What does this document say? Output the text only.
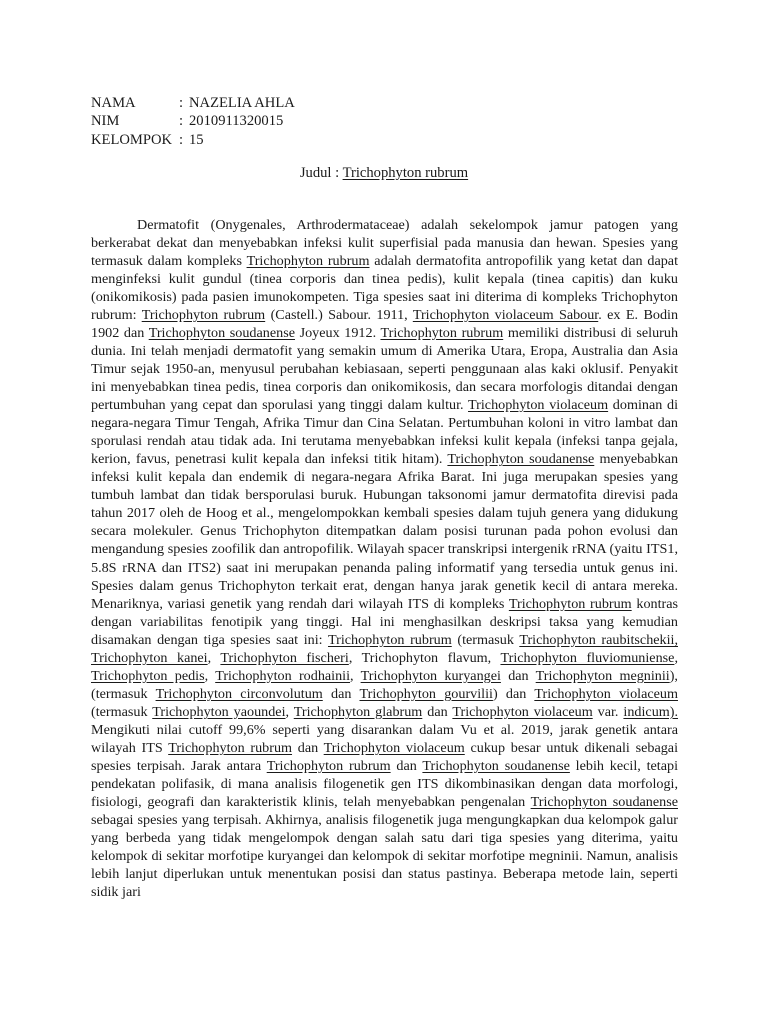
NAMA	: NAZELIA AHLA
NIM	: 2010911320015
KELOMPOK : 15
Judul : Trichophyton rubrum

Dermatofit (Onygenales, Arthrodermataceae) adalah sekelompok jamur patogen yang berkerabat dekat dan menyebabkan infeksi kulit superfisial pada manusia dan hewan. Spesies yang termasuk dalam kompleks Trichophyton rubrum adalah dermatofita antropofilik yang ketat dan dapat menginfeksi kulit gundul (tinea corporis dan tinea pedis), kulit kepala (tinea capitis) dan kuku (onikomikosis) pada pasien imunokompeten. Tiga spesies saat ini diterima di kompleks Trichophyton rubrum: Trichophyton rubrum (Castell.) Sabour. 1911, Trichophyton violaceum Sabour. ex E. Bodin 1902 dan Trichophyton soudanense Joyeux 1912. Trichophyton rubrum memiliki distribusi di seluruh dunia. Ini telah menjadi dermatofit yang semakin umum di Amerika Utara, Eropa, Australia dan Asia Timur sejak 1950-an, menyusul perubahan kebiasaan, seperti penggunaan alas kaki oklusif. Penyakit ini menyebabkan tinea pedis, tinea corporis dan onikomikosis, dan secara morfologis ditandai dengan pertumbuhan yang cepat dan sporulasi yang tinggi dalam kultur. Trichophyton violaceum dominan di negara-negara Timur Tengah, Afrika Timur dan Cina Selatan. Pertumbuhan koloni in vitro lambat dan sporulasi rendah atau tidak ada. Ini terutama menyebabkan infeksi kulit kepala (infeksi tanpa gejala, kerion, favus, penetrasi kulit kepala dan infeksi titik hitam). Trichophyton soudanense menyebabkan infeksi kulit kepala dan endemik di negara-negara Afrika Barat. Ini juga merupakan spesies yang tumbuh lambat dan tidak bersporulasi buruk. Hubungan taksonomi jamur dermatofita direvisi pada tahun 2017 oleh de Hoog et al., mengelompokkan kembali spesies dalam tujuh genera yang didukung secara molekuler. Genus Trichophyton ditempatkan dalam posisi turunan pada pohon evolusi dan mengandung spesies zoofilik dan antropofilik. Wilayah spacer transkripsi intergenik rRNA (yaitu ITS1, 5.8S rRNA dan ITS2) saat ini merupakan penanda paling informatif yang tersedia untuk genus ini. Spesies dalam genus Trichophyton terkait erat, dengan hanya jarak genetik kecil di antara mereka. Menariknya, variasi genetik yang rendah dari wilayah ITS di kompleks Trichophyton rubrum kontras dengan variabilitas fenotipik yang tinggi. Hal ini menghasilkan deskripsi taksa yang kemudian disamakan dengan tiga spesies saat ini: Trichophyton rubrum (termasuk Trichophyton raubitschekii, Trichophyton kanei, Trichophyton fischeri, Trichophyton flavum, Trichophyton fluviomuniense, Trichophyton pedis, Trichophyton rodhainii, Trichophyton kuryangei dan Trichophyton megninii), (termasuk Trichophyton circonvolutum dan Trichophyton gourvilii) dan Trichophyton violaceum (termasuk Trichophyton yaoundei, Trichophyton glabrum dan Trichophyton violaceum var. indicum). Mengikuti nilai cutoff 99,6% seperti yang disarankan dalam Vu et al. 2019, jarak genetik antara wilayah ITS Trichophyton rubrum dan Trichophyton violaceum cukup besar untuk dikenali sebagai spesies terpisah. Jarak antara Trichophyton rubrum dan Trichophyton soudanense lebih kecil, tetapi pendekatan polifasik, di mana analisis filogenetik gen ITS dikombinasikan dengan data morfologi, fisiologi, geografi dan karakteristik klinis, telah menyebabkan pengenalan Trichophyton soudanense sebagai spesies yang terpisah. Akhirnya, analisis filogenetik juga mengungkapkan dua kelompok galur yang berbeda yang tidak mengelompok dengan salah satu dari tiga spesies yang diterima, yaitu kelompok di sekitar morfotipe kuryangei dan kelompok di sekitar morfotipe megninii. Namun, analisis lebih lanjut diperlukan untuk menentukan posisi dan status pastinya. Beberapa metode lain, seperti sidik jari
